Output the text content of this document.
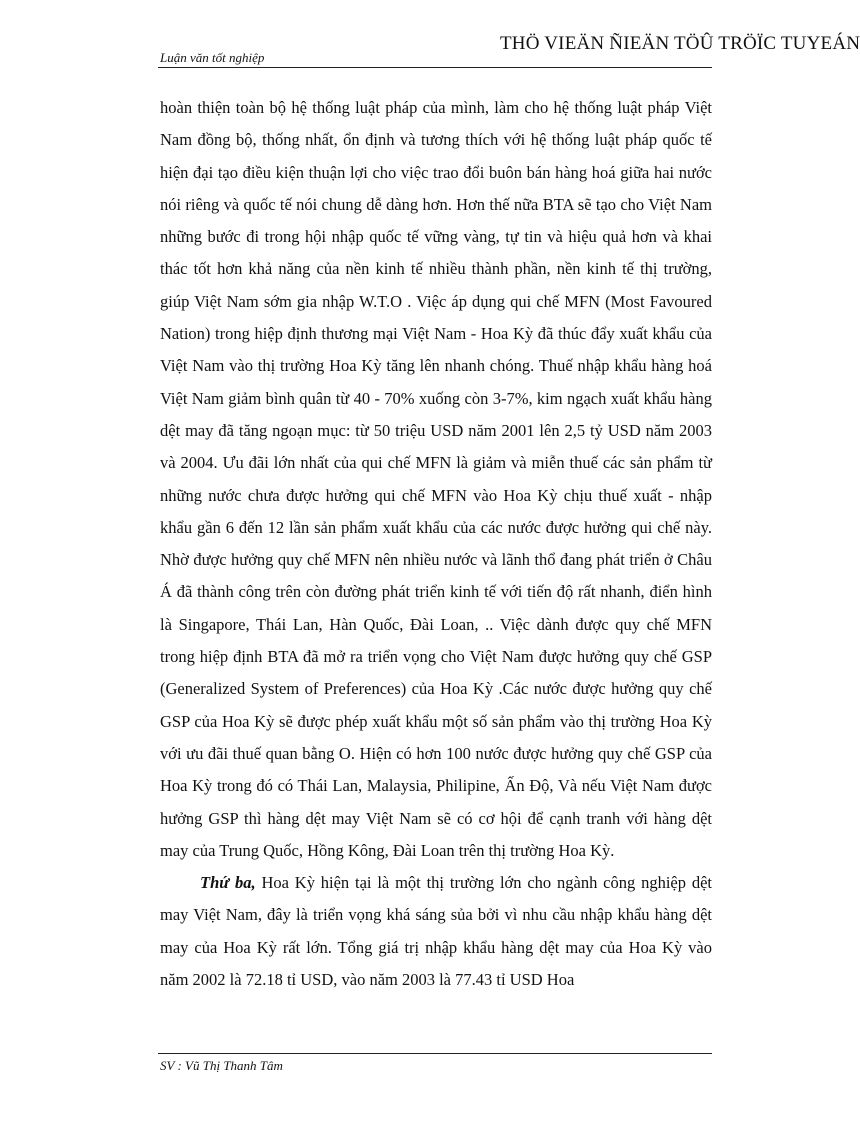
Luận văn tốt nghiệp
THÖ VIEÄN ÑIEÄN TÖÛ TRÖÏC TUYEÁN

hoàn thiện toàn bộ hệ thống luật pháp của mình, làm cho hệ thống luật pháp Việt Nam đồng bộ, thống nhất, ổn định và tương thích với hệ thống luật pháp quốc tế hiện đại tạo điều kiện thuận lợi cho việc trao đổi buôn bán hàng hoá giữa hai nước nói riêng và quốc tế nói chung dễ dàng hơn. Hơn thế nữa BTA sẽ tạo cho Việt Nam những bước đi trong hội nhập quốc tế vững vàng, tự tin và hiệu quả hơn và khai thác tốt hơn khả năng của nền kinh tế nhiều thành phần, nền kinh tế thị trường, giúp Việt Nam sớm gia nhập W.T.O . Việc áp dụng qui chế MFN (Most Favoured Nation) trong hiệp định thương mại Việt Nam - Hoa Kỳ đã thúc đẩy xuất khẩu của Việt Nam vào thị trường Hoa Kỳ tăng lên nhanh chóng. Thuế nhập khẩu hàng hoá Việt Nam giảm bình quân từ 40 - 70% xuống còn 3-7%, kim ngạch xuất khẩu hàng dệt may đã tăng ngoạn mục: từ 50 triệu USD năm 2001 lên 2,5 tỷ USD năm 2003 và 2004. Ưu đãi lớn nhất của qui chế MFN là giảm và miễn thuế các sản phẩm từ những nước chưa được hưởng qui chế MFN vào Hoa Kỳ chịu thuế xuất - nhập khẩu gần 6 đến 12 lần sản phẩm xuất khẩu của các nước được hưởng qui chế này. Nhờ được hưởng quy chế MFN nên nhiều nước và lãnh thổ đang phát triển ở Châu Á đã thành công trên còn đường phát triển kinh tế với tiến độ rất nhanh, điển hình là Singapore, Thái Lan, Hàn Quốc, Đài Loan, .. Việc dành được quy chế MFN trong hiệp định BTA đã mở ra triển vọng cho Việt Nam được hưởng quy chế GSP (Generalized System of Preferences) của Hoa Kỳ .Các nước được hưởng quy chế GSP của Hoa Kỳ sẽ được phép xuất khẩu một số sản phẩm vào thị trường Hoa Kỳ với ưu đãi thuế quan bằng O. Hiện có hơn 100 nước được hưởng quy chế GSP của Hoa Kỳ trong đó có Thái Lan, Malaysia, Philipine, Ấn Độ, Và nếu Việt Nam được hưởng GSP thì hàng dệt may Việt Nam sẽ có cơ hội để cạnh tranh với hàng dệt may của Trung Quốc, Hồng Kông, Đài Loan trên thị trường Hoa Kỳ.

Thứ ba, Hoa Kỳ hiện tại là một thị trường lớn cho ngành công nghiệp dệt may Việt Nam, đây là triển vọng khá sáng sủa bởi vì nhu cầu nhập khẩu hàng dệt may của Hoa Kỳ rất lớn. Tổng giá trị nhập khẩu hàng dệt may của Hoa Kỳ vào năm 2002 là 72.18 tỉ USD, vào năm 2003 là 77.43 tỉ USD Hoa

SV : Vũ Thị Thanh Tâm
